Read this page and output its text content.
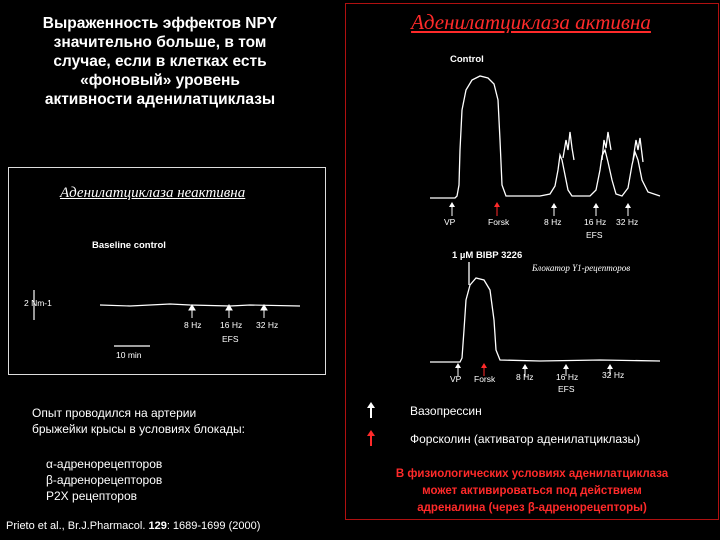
Выраженность эффектов NPY
значительно больше, в том
случае, если в клетках есть
«фоновый» уровень
активности аденилатциклазы
Аденилатциклаза активна
Аденилатциклаза неактивна
Baseline control
2 Nm-1
10 min
8 Hz 16 Hz 32 Hz
EFS
Control
VP	Forsk	8 Hz	16 Hz 32 Hz
EFS
1 µM BIBP 3226
Блокатор Y1-рецепторов
VP Forsk 8 Hz	16 Hz	32 Hz
EFS
Опыт проводился на артерии
брыжейки крысы в условиях блокады:
α-адренорецепторов
β-адренорецепторов
P2X рецепторов
Вазопрессин
Форсколин (активатор аденилатциклазы)
В физиологических условиях аденилатциклаза
может активироваться под действием
адреналина (через β-адренорецепторы)
Prieto et al., Br.J.Pharmacol. 129: 1689-1699 (2000)
